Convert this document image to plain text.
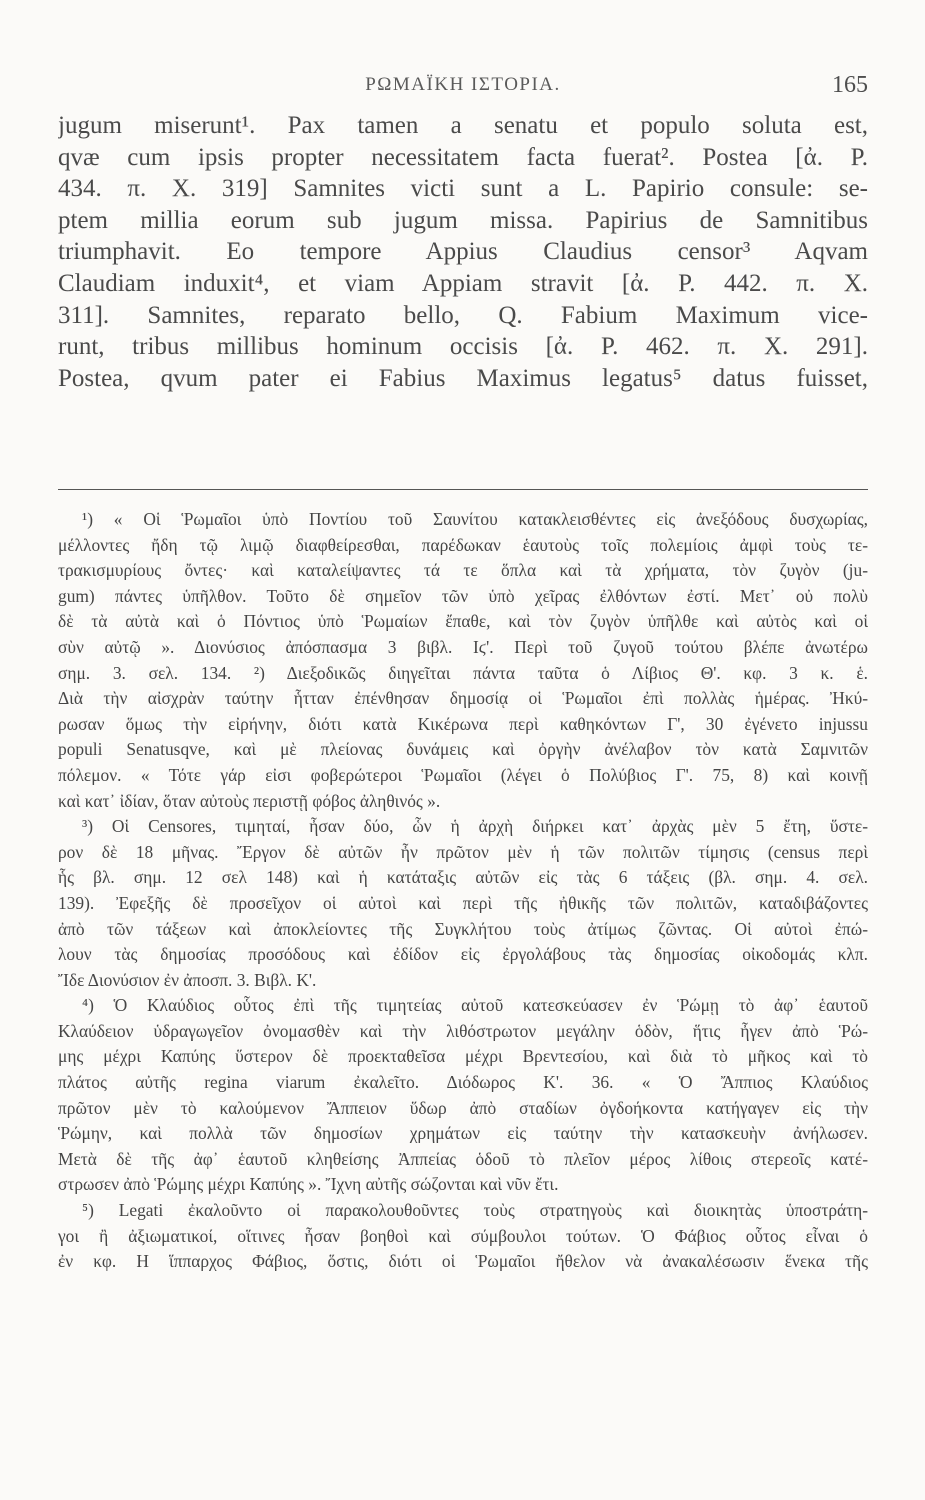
ΡΩΜΑΪΚΗ ΙΣΤΟΡΙΑ.	165
jugum miserunt¹. Pax tamen a senatu et populo soluta est,
qvæ cum ipsis propter necessitatem facta fuerat². Postea [ἀ. Ρ.
434. π. Χ. 319] Samnites victi sunt a L. Papirio consule: se-
ptem millia eorum sub jugum missa. Papirius de Samnitibus
triumphavit. Eo tempore Appius Claudius censor³ Aqvam
Claudiam induxit⁴, et viam Appiam stravit [ἀ. Ρ. 442. π. Χ.
311]. Samnites, reparato bello, Q. Fabium Maximum vice-
runt, tribus millibus hominum occisis [ἀ. Ρ. 462. π. Χ. 291].
Postea, qvum pater ei Fabius Maximus legatus⁵ datus fuisset,
¹) « Οἱ Ῥωμαῖοι ὑπὸ Ποντίου τοῦ Σαυνίτου κατακλεισθέντες εἰς ἀνεξόδους δυσχωρίας,
μέλλοντες ἤδη τῷ λιμῷ διαφθείρεσθαι, παρέδωκαν ἑαυτοὺς τοῖς πολεμίοις ἀμφὶ τοὺς τε-
τρακισμυρίους ὄντες· καὶ καταλείψαντες τά τε ὅπλα καὶ τὰ χρήματα, τὸν ζυγὸν (ju-
gum) πάντες ὑπῆλθον. Τοῦτο δὲ σημεῖον τῶν ὑπὸ χεῖρας ἐλθόντων ἐστί. Μετ᾽ οὐ πολὺ
δὲ τὰ αὐτὰ καὶ ὁ Πόντιος ὑπὸ Ῥωμαίων ἔπαθε, καὶ τὸν ζυγὸν ὑπῆλθε καὶ αὐτὸς καὶ οἱ
σὺν αὐτῷ ». Διονύσιος ἀπόσπασμα 3 βιβλ. Ιϛ'. Περὶ τοῦ ζυγοῦ τούτου βλέπε ἀνωτέρω
σημ. 3. σελ. 134. ²) Διεξοδικῶς διηγεῖται πάντα ταῦτα ὁ Λίβιος Θ'. κφ. 3 κ. ἑ.
Διὰ τὴν αἰσχρὰν ταύτην ἧτταν ἐπένθησαν δημοσίᾳ οἱ Ῥωμαῖοι ἐπὶ πολλὰς ἡμέρας. Ἠκύ-
ρωσαν ὅμως τὴν εἰρήνην, διότι κατὰ Κικέρωνα περὶ καθηκόντων Γ', 30 ἐγένετο injussu
populi Senatusqve, καὶ μὲ πλείονας δυνάμεις καὶ ὀργὴν ἀνέλαβον τὸν κατὰ Σαμνιτῶν
πόλεμον. « Τότε γάρ εἰσι φοβερώτεροι Ῥωμαῖοι (λέγει ὁ Πολύβιος Γ'. 75, 8) καὶ κοινῇ
καὶ κατ᾽ ἰδίαν, ὅταν αὐτοὺς περιστῇ φόβος ἀληθινός ».
³) Οἱ Censores, τιμηταί, ἦσαν δύο, ὧν ἡ ἀρχὴ διήρκει κατ᾽ ἀρχὰς μὲν 5 ἔτη, ὕστε-
ρον δὲ 18 μῆνας. Ἔργον δὲ αὐτῶν ἦν πρῶτον μὲν ἡ τῶν πολιτῶν τίμησις (census περὶ
ἧς βλ. σημ. 12 σελ 148) καὶ ἡ κατάταξις αὐτῶν εἰς τὰς 6 τάξεις (βλ. σημ. 4. σελ.
139). Ἐφεξῆς δὲ προσεῖχον οἱ αὐτοὶ καὶ περὶ τῆς ἠθικῆς τῶν πολιτῶν, καταδιβάζοντες
ἀπὸ τῶν τάξεων καὶ ἀποκλείοντες τῆς Συγκλήτου τοὺς ἀτίμως ζῶντας. Οἱ αὐτοὶ ἐπώ-
λουν τὰς δημοσίας προσόδους καὶ ἐδίδον εἰς ἐργολάβους τὰς δημοσίας οἰκοδομάς κλπ.
Ἴδε Διονύσιον ἐν ἀποσπ. 3. Βιβλ. Κ'.
⁴) Ὁ Κλαύδιος οὗτος ἐπὶ τῆς τιμητείας αὐτοῦ κατεσκεύασεν ἐν Ῥώμῃ τὸ ἀφ᾽ ἑαυτοῦ
Κλαύδειον ὑδραγωγεῖον ὀνομασθὲν καὶ τὴν λιθόστρωτον μεγάλην ὁδὸν, ἥτις ἦγεν ἀπὸ Ῥώ-
μης μέχρι Καπύης ὕστερον δὲ προεκταθεῖσα μέχρι Βρεντεσίου, καὶ διὰ τὸ μῆκος καὶ τὸ
πλάτος αὐτῆς regina viarum ἐκαλεῖτο. Διόδωρος Κ'. 36. « Ὁ Ἄππιος Κλαύδιος
πρῶτον μὲν τὸ καλούμενον Ἄππειον ὕδωρ ἀπὸ σταδίων ὀγδοήκοντα κατήγαγεν εἰς τὴν
Ῥώμην, καὶ πολλὰ τῶν δημοσίων χρημάτων εἰς ταύτην τὴν κατασκευὴν ἀνήλωσεν.
Μετὰ δὲ τῆς ἀφ᾽ ἑαυτοῦ κληθείσης Ἀππείας ὁδοῦ τὸ πλεῖον μέρος λίθοις στερεοῖς κατέ-
στρωσεν ἀπὸ Ῥώμης μέχρι Καπύης ». Ἴχνη αὐτῆς σώζονται καὶ νῦν ἔτι.
⁵) Legati ἐκαλοῦντο οἱ παρακολουθοῦντες τοὺς στρατηγοὺς καὶ διοικητὰς ὑποστράτη-
γοι ἢ ἀξιωματικοί, οἵτινες ἦσαν βοηθοὶ καὶ σύμβουλοι τούτων. Ὁ Φάβιος οὗτος εἶναι ὁ
ἐν κφ. Η ἵππαρχος Φάβιος, ὅστις, διότι οἱ Ῥωμαῖοι ἤθελον νὰ ἀνακαλέσωσιν ἕνεκα τῆς
